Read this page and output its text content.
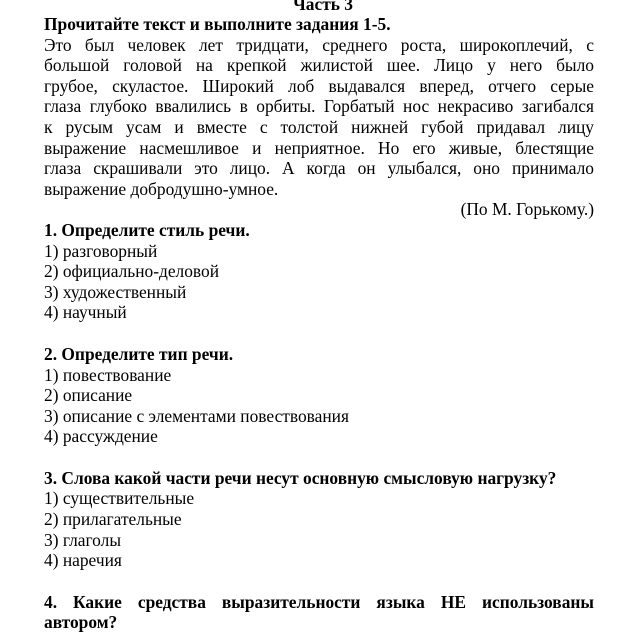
Часть 3
Прочитайте текст и выполните задания 1-5.
Это был человек лет тридцати, среднего роста, широкоплечий, с
большой головой на крепкой жилистой шее. Лицо у него было
грубое, скуластое. Широкий лоб выдавался вперед, отчего серые
глаза глубоко ввалились в орбиты. Горбатый нос некрасиво загибался
к русым усам и вместе с толстой нижней губой придавал лицу
выражение насмешливое и неприятное. Но его живые, блестящие
глаза скрашивали это лицо. А когда он улыбался, оно принимало
выражение добродушно-умное.
(По М. Горькому.)
1. Определите стиль речи.
1) разговорный
2) официально-деловой
3) художественный
4) научный
2. Определите тип речи.
1) повествование
2) описание
3) описание с элементами повествования
4) рассуждение
3. Слова какой части речи несут основную смысловую нагрузку?
1) существительные
2) прилагательные
3) глаголы
4) наречия
4. Какие средства выразительности языка НЕ использованы
автором?
